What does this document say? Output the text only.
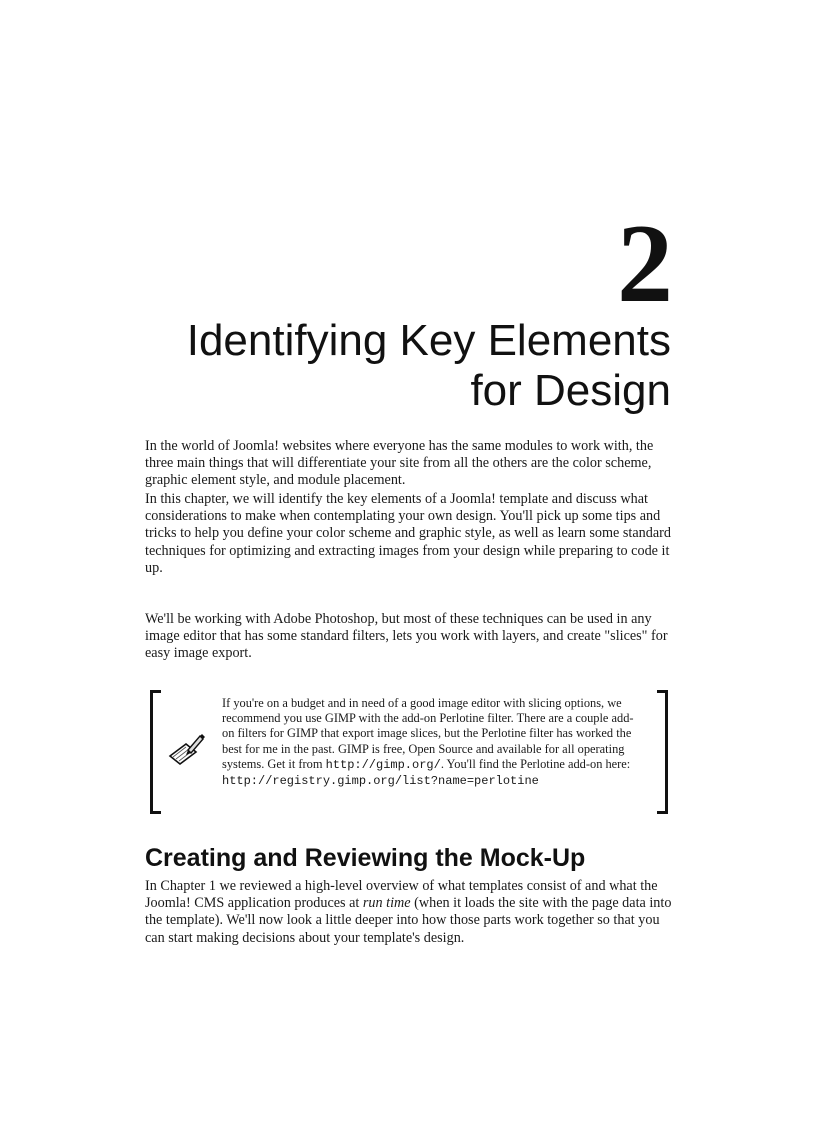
2
Identifying Key Elements
for Design

In the world of Joomla! websites where everyone has the same modules to work with, the three main things that will differentiate your site from all the others are the color scheme, graphic element style, and module placement.

In this chapter, we will identify the key elements of a Joomla! template and discuss what considerations to make when contemplating your own design. You'll pick up some tips and tricks to help you define your color scheme and graphic style, as well as learn some standard techniques for optimizing and extracting images from your design while preparing to code it up.

We'll be working with Adobe Photoshop, but most of these techniques can be used in any image editor that has some standard filters, lets you work with layers, and create "slices" for easy image export.

If you're on a budget and in need of a good image editor with slicing options, we recommend you use GIMP with the add-on Perlotine filter. There are a couple add-on filters for GIMP that export image slices, but the Perlotine filter has worked the best for me in the past. GIMP is free, Open Source and available for all operating systems. Get it from http://gimp.org/. You'll find the Perlotine add-on here:
http://registry.gimp.org/list?name=perlotine

Creating and Reviewing the Mock-Up

In Chapter 1 we reviewed a high-level overview of what templates consist of and what the Joomla! CMS application produces at run time (when it loads the site with the page data into the template). We'll now look a little deeper into how those parts work together so that you can start making decisions about your template's design.
